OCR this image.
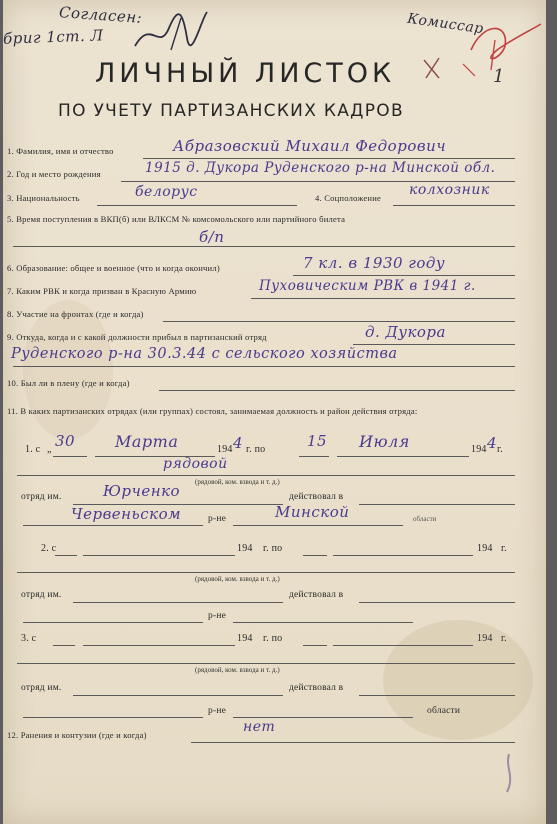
Согласен:
бриг 1ст. Л	Комиссар
1
ЛИЧНЫЙ ЛИСТОК
ПО УЧЕТУ ПАРТИЗАНСКИХ КАДРОВ
1. Фамилия, имя и отчество	Абразовский Михаил Федорович
2. Год и место рождения	1915 д. Дукора Руденского р-на Минской обл.
3. Национальность	белорус	4. Соцположение колхозник
5. Время поступления в ВКП(б) или ВЛКСМ № комсомольского или партийного билета
б/п
6. Образование: общее и военное (что и когда окончил)	7 кл. в 1930 году
7. Каким РВК и когда призван в Красную Армию	Пуховическим РВК в 1941 г.
8. Участие на фронтах (где и когда)
9. Откуда, когда и с какой должности прибыл в партизанский отряд	д. Дукора
Руденского р-на 30.3.44 с сельского хозяйства
10. Был ли в плену (где и когда)
11. В каких партизанских отрядах (или группах) состоял, занимаемая должность и район действия отряда:
1. с „ 30 Марта	194 4 г. по	15 Июля	194 4 г.
рядовой
(рядовой, ком. взвода и т. д.)
отряд им.	Юрченко	действовал в
Червеньском	р-не	Минской	области
2. с	194 г. по	194 г.
(рядовой, ком. взвода и т. д.)
отряд им.	действовал в
р-не
3. с	194 г. по	194 г.
(рядовой, ком. взвода и т. д.)
отряд им.	действовал в
р-не	области
12. Ранения и контузии (где и когда)	нет
